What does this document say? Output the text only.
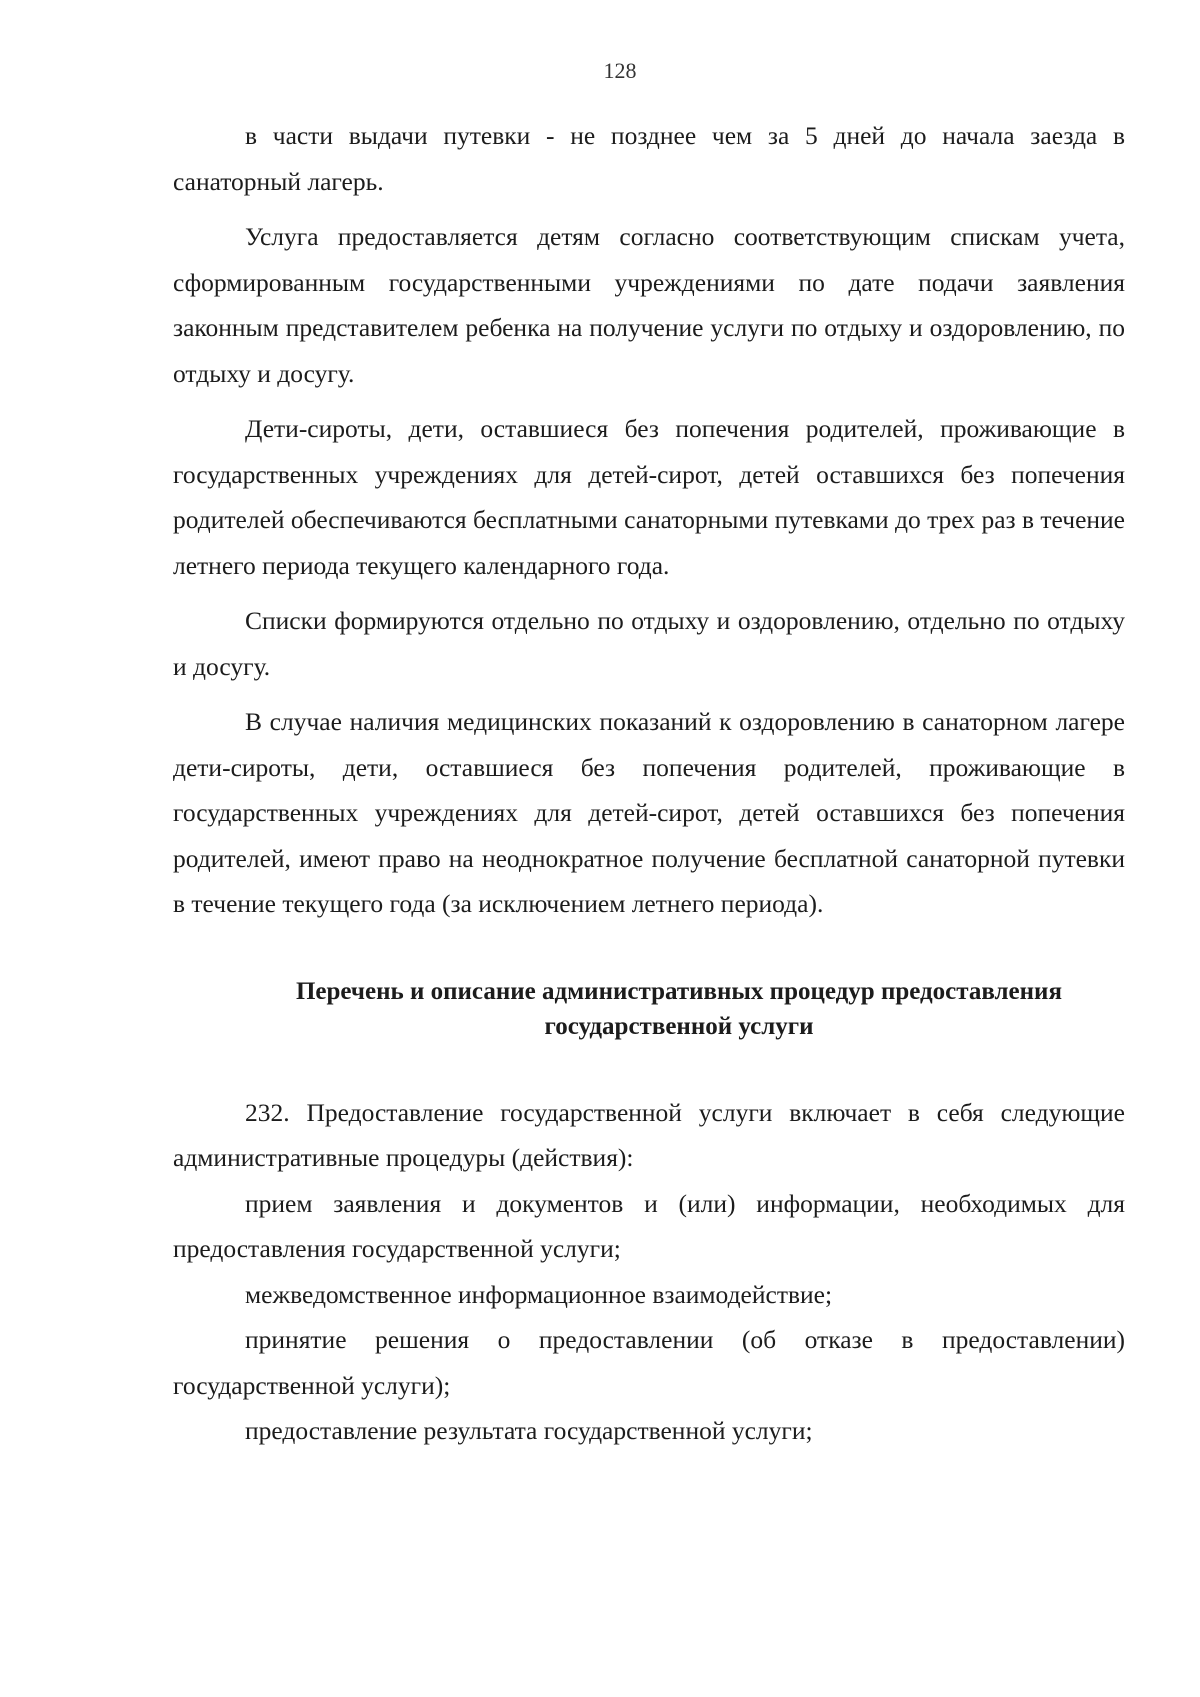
128

в части выдачи путевки - не позднее чем за 5 дней до начала заезда в санаторный лагерь.

Услуга предоставляется детям согласно соответствующим спискам учета, сформированным государственными учреждениями по дате подачи заявления законным представителем ребенка на получение услуги по отдыху и оздоровлению, по отдыху и досугу.

Дети-сироты, дети, оставшиеся без попечения родителей, проживающие в государственных учреждениях для детей-сирот, детей оставшихся без попечения родителей обеспечиваются бесплатными санаторными путевками до трех раз в течение летнего периода текущего календарного года.

Списки формируются отдельно по отдыху и оздоровлению, отдельно по отдыху и досугу.

В случае наличия медицинских показаний к оздоровлению в санаторном лагере дети-сироты, дети, оставшиеся без попечения родителей, проживающие в государственных учреждениях для детей-сирот, детей оставшихся без попечения родителей, имеют право на неоднократное получение бесплатной санаторной путевки в течение текущего года (за исключением летнего периода).

Перечень и описание административных процедур предоставления
государственной услуги

232. Предоставление государственной услуги включает в себя следующие административные процедуры (действия):

прием заявления и документов и (или) информации, необходимых для предоставления государственной услуги;

межведомственное информационное взаимодействие;

принятие решения о предоставлении (об отказе в предоставлении) государственной услуги);

предоставление результата государственной услуги;
